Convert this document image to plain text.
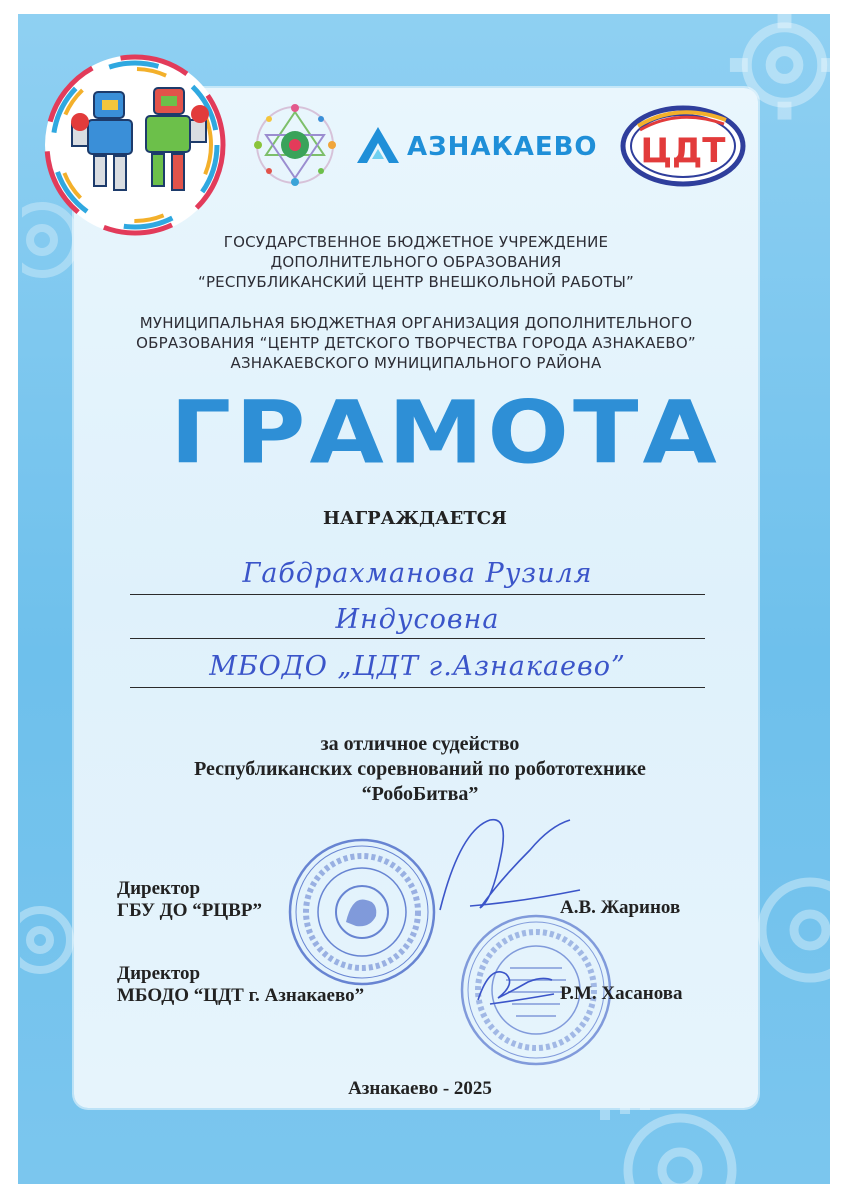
АЗНАКАЕВО ЦДТ
ГОСУДАРСТВЕННОЕ БЮДЖЕТНОЕ УЧРЕЖДЕНИЕ
ДОПОЛНИТЕЛЬНОГО ОБРАЗОВАНИЯ
“РЕСПУБЛИКАНСКИЙ ЦЕНТР ВНЕШКОЛЬНОЙ РАБОТЫ”
МУНИЦИПАЛЬНАЯ БЮДЖЕТНАЯ ОРГАНИЗАЦИЯ ДОПОЛНИТЕЛЬНОГО
ОБРАЗОВАНИЯ “ЦЕНТР ДЕТСКОГО ТВОРЧЕСТВА ГОРОДА АЗНАКАЕВО”
АЗНАКАЕВСКОГО МУНИЦИПАЛЬНОГО РАЙОНА
ГРАМОТА
НАГРАЖДАЕТСЯ
Габдрахманова Рузиля
Индусовна
МБОДО „ЦДТ г.Азнакаево”
за отличное судейство
Республиканских соревнований по робототехнике
“РобоБитва”
Директор
ГБУ ДО “РЦВР”	А.В. Жаринов
Директор
МБОДО “ЦДТ г. Азнакаево”	Р.М. Хасанова
Азнакаево - 2025
